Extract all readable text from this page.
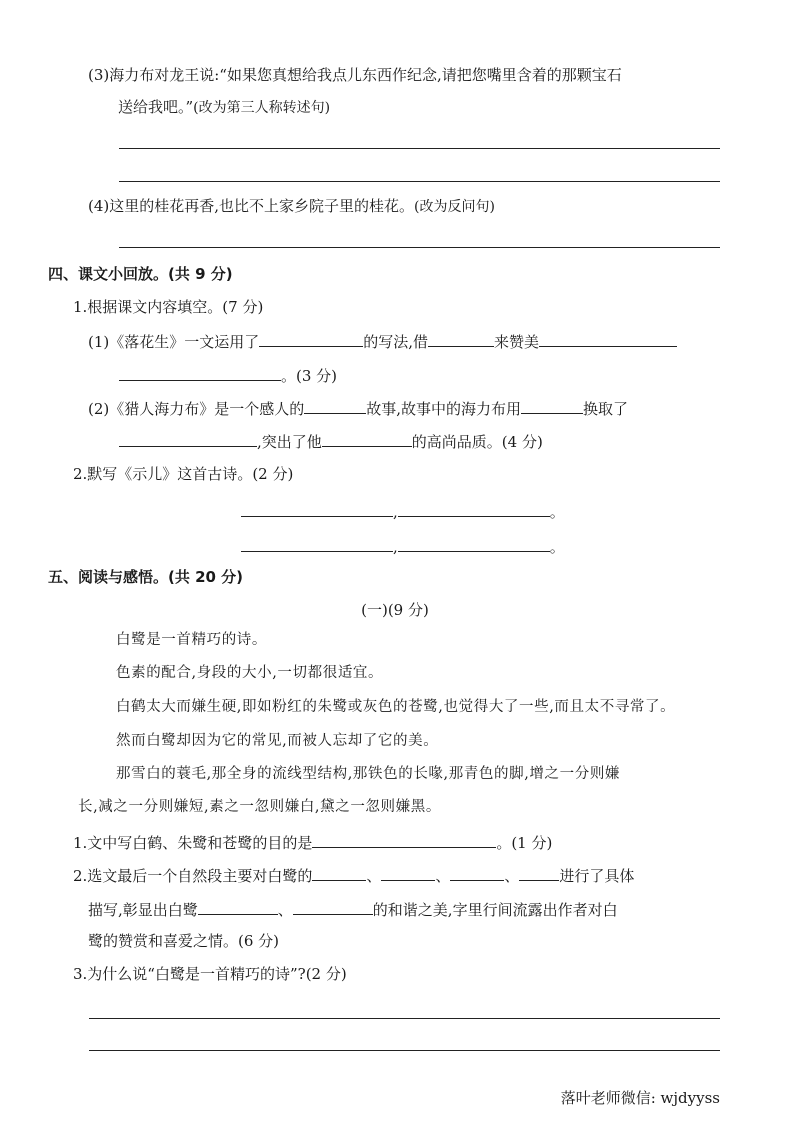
(3)海力布对龙王说:“如果您真想给我点儿东西作纪念,请把您嘴里含着的那颗宝石
送给我吧。”(改为第三人称转述句)
(4)这里的桂花再香,也比不上家乡院子里的桂花。(改为反问句)
四、课文小回放。(共 9 分)
1.根据课文内容填空。(7 分)
(1)《落花生》一文运用了	的写法,借	来赞美
。(3 分)
(2)《猎人海力布》是一个感人的	故事,故事中的海力布用	换取了
,突出了他	的高尚品质。(4 分)
2.默写《示儿》这首古诗。(2 分)
,	。
,	。
五、阅读与感悟。(共 20 分)
(一)(9 分)
白鹭是一首精巧的诗。
色素的配合,身段的大小,一切都很适宜。
白鹤太大而嫌生硬,即如粉红的朱鹭或灰色的苍鹭,也觉得大了一些,而且太不寻常了。
然而白鹭却因为它的常见,而被人忘却了它的美。
那雪白的蓑毛,那全身的流线型结构,那铁色的长喙,那青色的脚,增之一分则嫌
长,减之一分则嫌短,素之一忽则嫌白,黛之一忽则嫌黑。
1.文中写白鹤、朱鹭和苍鹭的目的是	。(1 分)
2.选文最后一个自然段主要对白鹭的	、	、	、	进行了具体
描写,彰显出白鹭	、	的和谐之美,字里行间流露出作者对白
鹭的赞赏和喜爱之情。(6 分)
3.为什么说“白鹭是一首精巧的诗”?(2 分)
落叶老师微信: wjdyyss
